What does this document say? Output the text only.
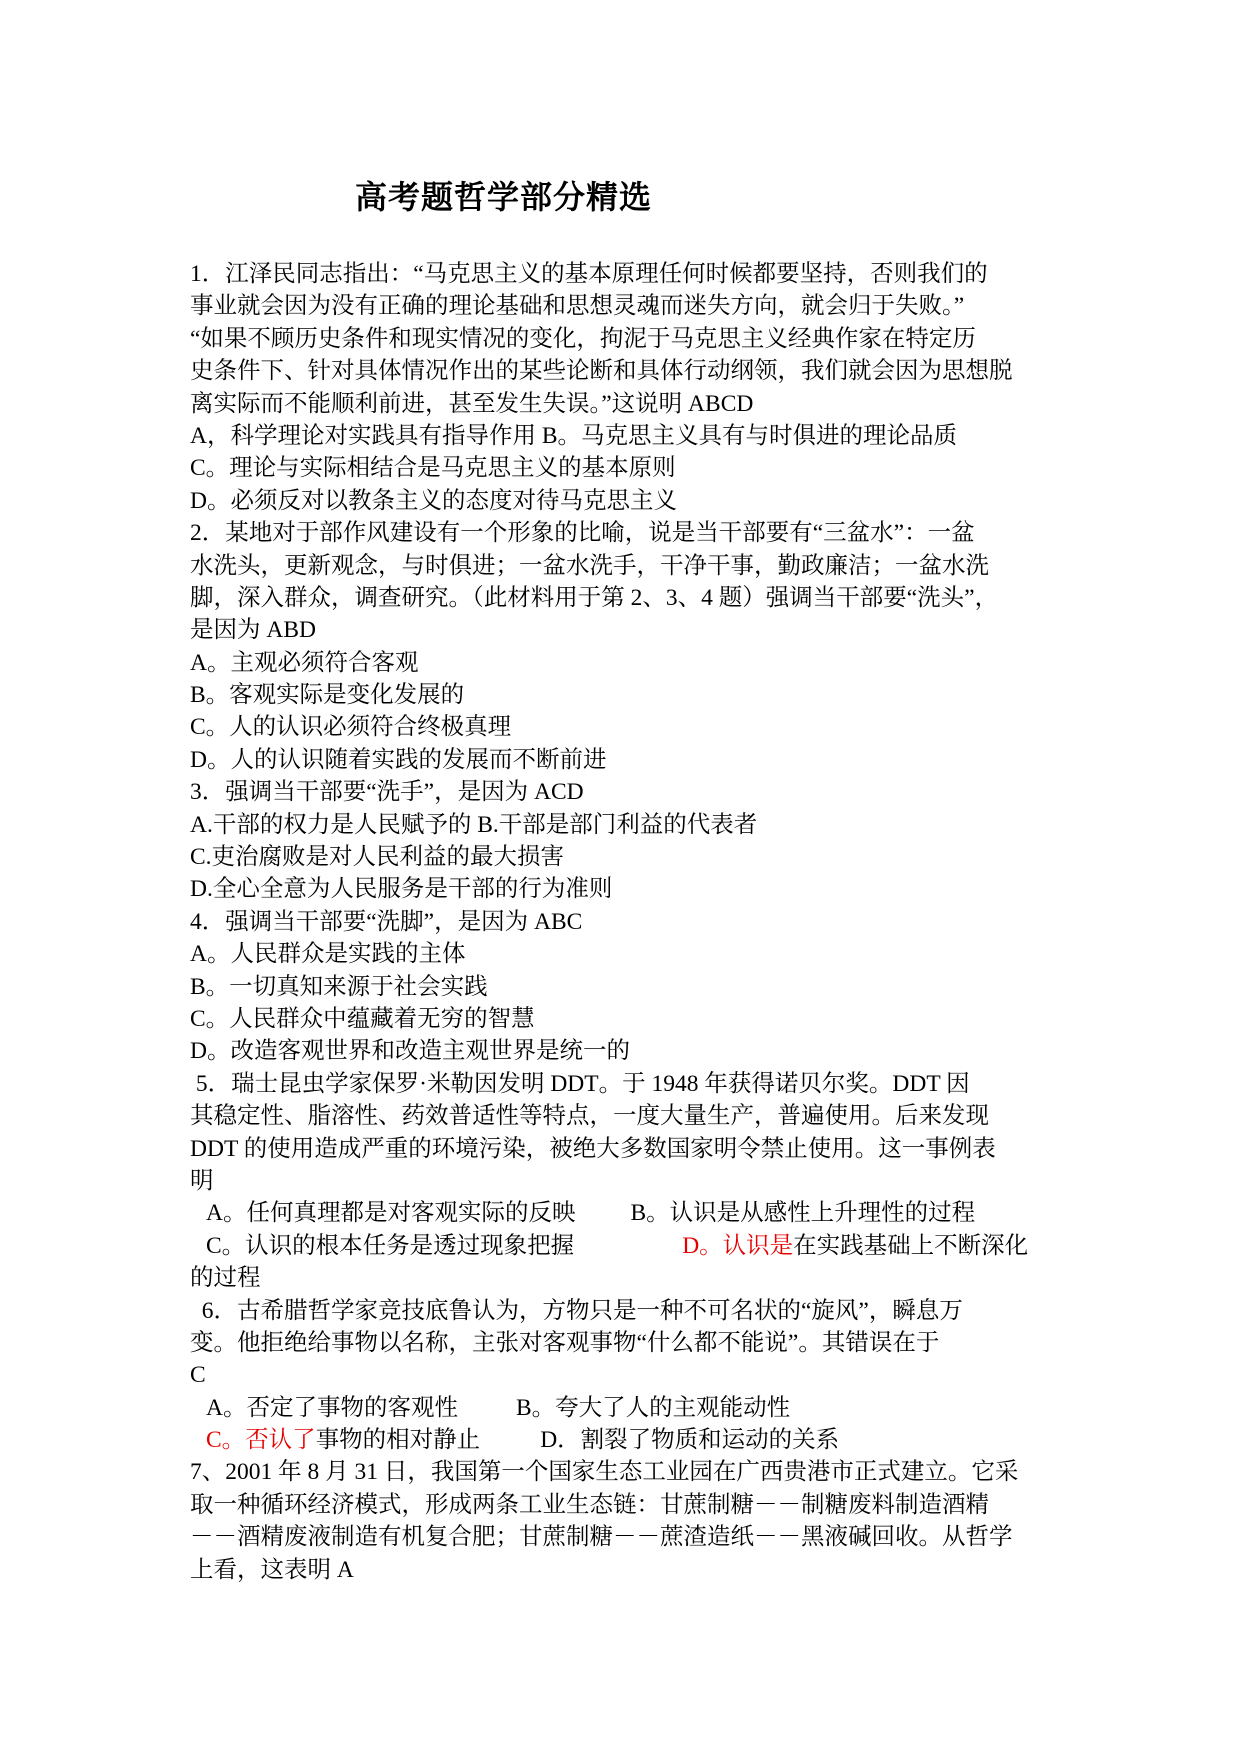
高考题哲学部分精选
1．江泽民同志指出：“马克思主义的基本原理任何时候都要坚持，否则我们的
事业就会因为没有正确的理论基础和思想灵魂而迷失方向，就会归于失败。”
“如果不顾历史条件和现实情况的变化，拘泥于马克思主义经典作家在特定历
史条件下、针对具体情况作出的某些论断和具体行动纲领，我们就会因为思想脱
离实际而不能顺利前进，甚至发生失误。”这说明 ABCD
A，科学理论对实践具有指导作用 B。马克思主义具有与时俱进的理论品质
C。理论与实际相结合是马克思主义的基本原则
D。必须反对以教条主义的态度对待马克思主义
2．某地对于部作风建设有一个形象的比喻，说是当干部要有“三盆水”：一盆
水洗头，更新观念，与时俱进；一盆水洗手，干净干事，勤政廉洁；一盆水洗
脚，深入群众，调查研究。（此材料用于第 2、3、4 题）强调当干部要“洗头”，
是因为 ABD
A。主观必须符合客观
B。客观实际是变化发展的
C。人的认识必须符合终极真理
D。人的认识随着实践的发展而不断前进
3．强调当干部要“洗手”，是因为 ACD
A.干部的权力是人民赋予的 B.干部是部门利益的代表者
C.吏治腐败是对人民利益的最大损害
D.全心全意为人民服务是干部的行为准则
4．强调当干部要“洗脚”，是因为 ABC
A。人民群众是实践的主体
B。一切真知来源于社会实践
C。人民群众中蕴藏着无穷的智慧
D。改造客观世界和改造主观世界是统一的
5．瑞士昆虫学家保罗·米勒因发明 DDT。于 1948 年获得诺贝尔奖。DDT 因
其稳定性、脂溶性、药效普适性等特点，一度大量生产，普遍使用。后来发现
DDT 的使用造成严重的环境污染，被绝大多数国家明令禁止使用。这一事例表
明
A。任何真理都是对客观实际的反映 B。认识是从感性上升理性的过程
C。认识的根本任务是透过现象把握	D。认识是在实践基础上不断深化
的过程
6．古希腊哲学家竞技底鲁认为，方物只是一种不可名状的“旋风”，瞬息万
变。他拒绝给事物以名称，主张对客观事物“什么都不能说”。其错误在于
C
A。否定了事物的客观性 B。夸大了人的主观能动性
C。否认了事物的相对静止	D．割裂了物质和运动的关系
7、2001 年 8 月 31 日，我国第一个国家生态工业园在广西贵港市正式建立。它采
取一种循环经济模式，形成两条工业生态链：甘蔗制糖－－制糖废料制造酒精
－－酒精废液制造有机复合肥；甘蔗制糖－－蔗渣造纸－－黑液碱回收。从哲学
上看，这表明 A
